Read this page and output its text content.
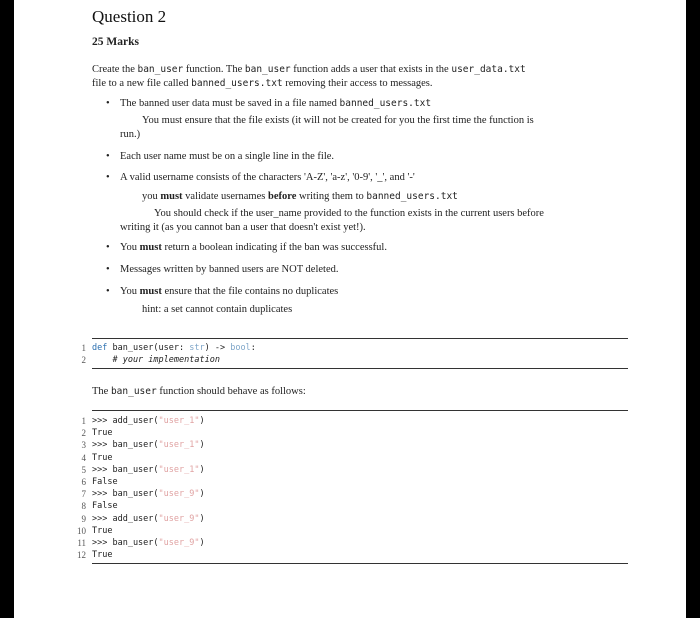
Question 2
25 Marks
Create the ban_user function. The ban_user function adds a user that exists in the user_data.txt
file to a new file called banned_users.txt removing their access to messages.
• The banned user data must be saved in a file named banned_users.txt
You must ensure that the file exists (it will not be created for you the first time the function is
run.)
• Each user name must be on a single line in the file.
• A valid username consists of the characters 'A-Z', 'a-z', '0-9', '_', and '-'
you must validate usernames before writing them to banned_users.txt
You should check if the user_name provided to the function exists in the current users before
writing it (as you cannot ban a user that doesn't exist yet!).
• You must return a boolean indicating if the ban was successful.
• Messages written by banned users are NOT deleted.
• You must ensure that the file contains no duplicates
hint: a set cannot contain duplicates
1 def ban_user(user: str) -> bool:
2 # your implementation
The ban_user function should behave as follows:
1 >>> add_user("user_1")
2 True
3 >>> ban_user("user_1")
4 True
5 >>> ban_user("user_1")
6 False
7 >>> ban_user("user_9")
8 False
9 >>> add_user("user_9")
10 True
11 >>> ban_user("user_9")
12 True
